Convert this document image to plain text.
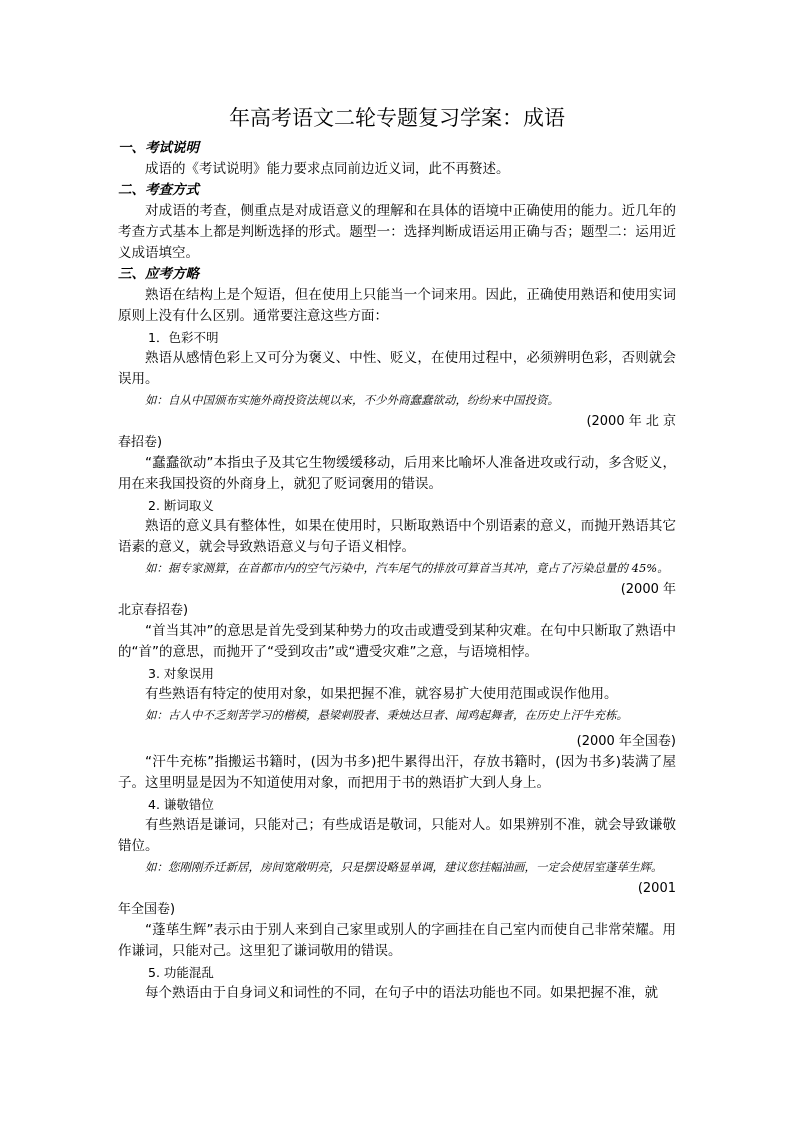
年高考语文二轮专题复习学案：成语
一、考试说明

成语的《考试说明》能力要求点同前边近义词，此不再赘述。

二、考查方式

对成语的考查，侧重点是对成语意义的理解和在具体的语境中正确使用的能力。近几年的考查方式基本上都是判断选择的形式。题型一：选择判断成语运用正确与否；题型二：运用近义成语填空。

三、应考方略

熟语在结构上是个短语，但在使用上只能当一个词来用。因此，正确使用熟语和使用实词原则上没有什么区别。通常要注意这些方面：

1．色彩不明

熟语从感情色彩上又可分为褒义、中性、贬义，在使用过程中，必须辨明色彩，否则就会误用。

如：自从中国颁布实施外商投资法规以来，不少外商蠢蠢欲动，纷纷来中国投资。

(2000 年 北 京

春招卷)

“蠢蠢欲动”本指虫子及其它生物缓缓移动，后用来比喻坏人准备进攻或行动，多含贬义，用在来我国投资的外商身上，就犯了贬词褒用的错误。

2. 断词取义

熟语的意义具有整体性，如果在使用时，只断取熟语中个别语素的意义，而抛开熟语其它语素的意义，就会导致熟语意义与句子语义相悖。

如：据专家测算，在首都市内的空气污染中，汽车尾气的排放可算首当其冲，竟占了污染总量的 45%。

(2000 年

北京春招卷)

“首当其冲”的意思是首先受到某种势力的攻击或遭受到某种灾难。在句中只断取了熟语中的“首”的意思，而抛开了“受到攻击”或“遭受灾难”之意，与语境相悖。

3. 对象误用

有些熟语有特定的使用对象，如果把握不准，就容易扩大使用范围或误作他用。

如：古人中不乏刻苦学习的楷模，悬梁刺股者、秉烛达旦者、闻鸡起舞者，在历史上汗牛充栋。

(2000 年全国卷)

“汗牛充栋”指搬运书籍时，(因为书多)把牛累得出汗，存放书籍时，(因为书多)装满了屋子。这里明显是因为不知道使用对象，而把用于书的熟语扩大到人身上。

4. 谦敬错位

有些熟语是谦词，只能对己；有些成语是敬词，只能对人。如果辨别不准，就会导致谦敬错位。

如：您刚刚乔迁新居，房间宽敞明亮，只是摆设略显单调，建议您挂幅油画，一定会使居室蓬荜生辉。

(2001

年全国卷)

“蓬荜生辉”表示由于别人来到自己家里或别人的字画挂在自己室内而使自己非常荣耀。用作谦词，只能对己。这里犯了谦词敬用的错误。

5. 功能混乱

每个熟语由于自身词义和词性的不同，在句子中的语法功能也不同。如果把握不准，就
